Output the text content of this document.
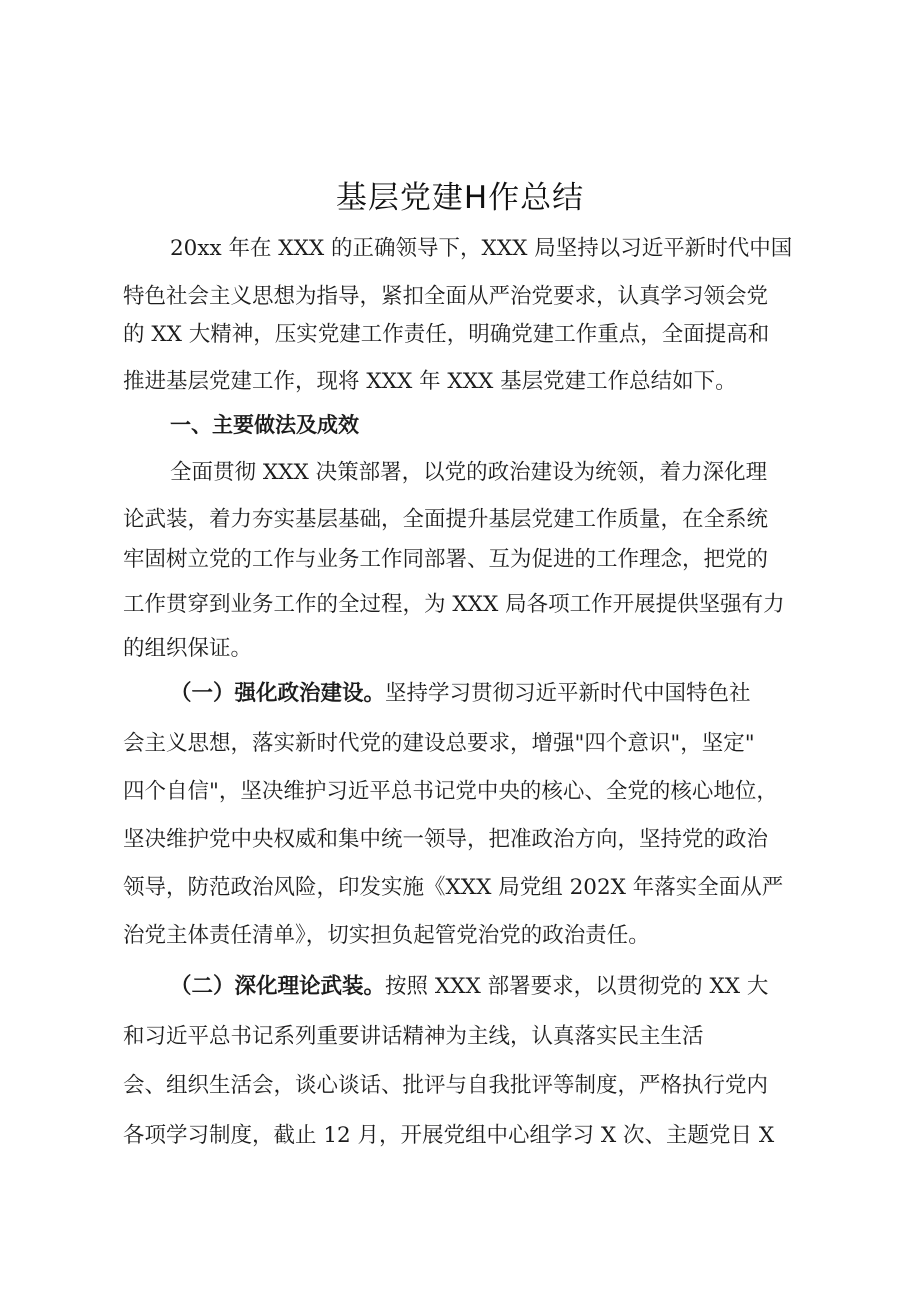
基层党建H作总结
20xx 年在 XXX 的正确领导下，XXX 局坚持以习近平新时代中国
特色社会主义思想为指导，紧扣全面从严治党要求，认真学习领会党
的 XX 大精神，压实党建工作责任，明确党建工作重点，全面提高和
推进基层党建工作，现将 XXX 年 XXX 基层党建工作总结如下。
一、主要做法及成效
全面贯彻 XXX 决策部署，以党的政治建设为统领，着力深化理
论武装，着力夯实基层基础，全面提升基层党建工作质量，在全系统
牢固树立党的工作与业务工作同部署、互为促进的工作理念，把党的
工作贯穿到业务工作的全过程，为 XXX 局各项工作开展提供坚强有力
的组织保证。
（一）强化政治建设。坚持学习贯彻习近平新时代中国特色社
会主义思想，落实新时代党的建设总要求，增强"四个意识"，坚定"
四个自信"，坚决维护习近平总书记党中央的核心、全党的核心地位，
坚决维护党中央权威和集中统一领导，把准政治方向，坚持党的政治
领导，防范政治风险，印发实施《XXX 局党组 202X 年落实全面从严
治党主体责任清单》，切实担负起管党治党的政治责任。
（二）深化理论武装。按照 XXX 部署要求，以贯彻党的 XX 大
和习近平总书记系列重要讲话精神为主线，认真落实民主生活
会、组织生活会，谈心谈话、批评与自我批评等制度，严格执行党内
各项学习制度，截止 12 月，开展党组中心组学习 X 次、主题党日 X
